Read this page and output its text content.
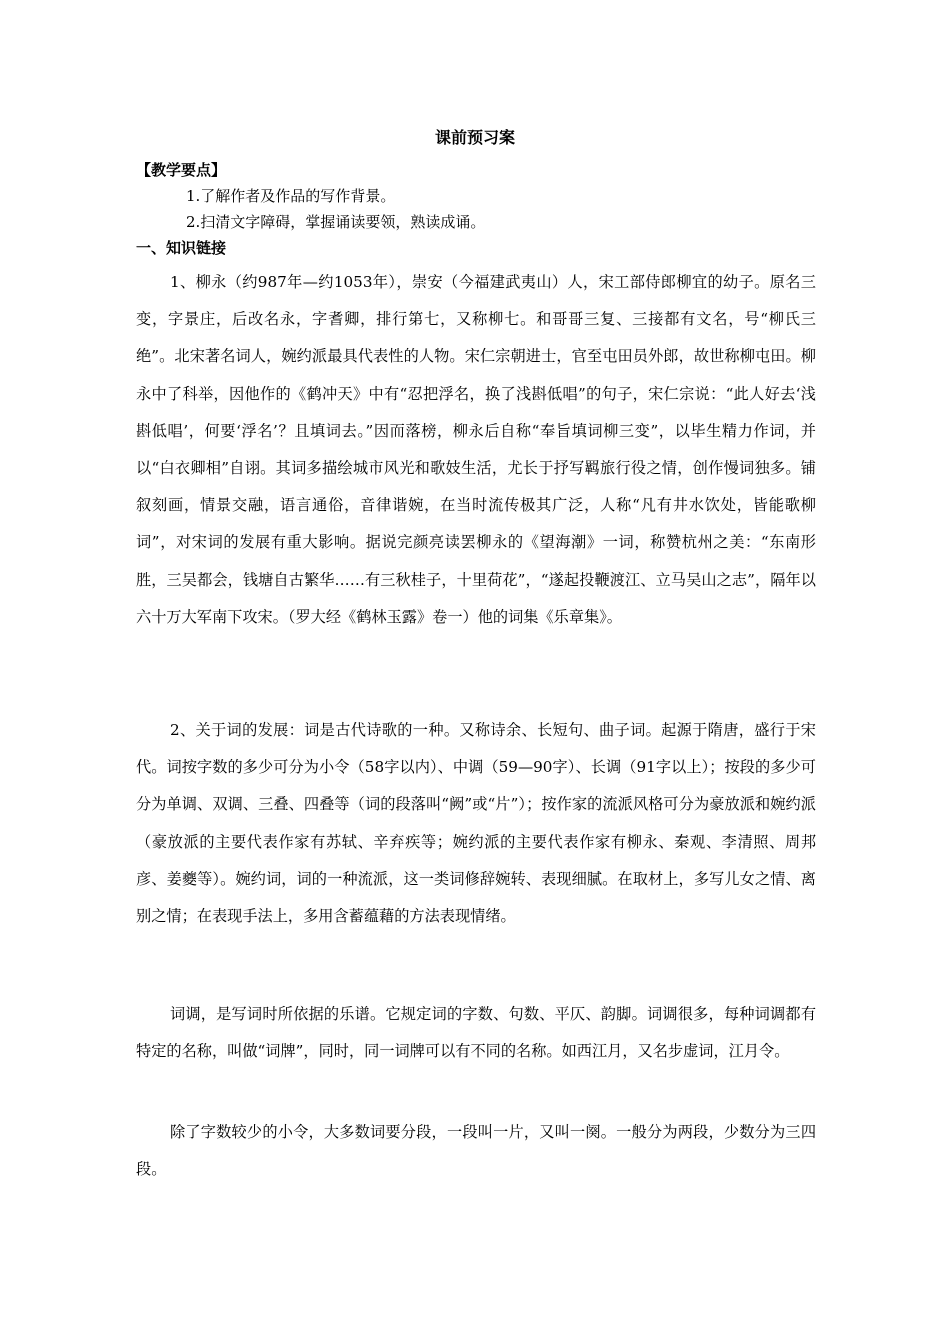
课前预习案
【教学要点】
1.了解作者及作品的写作背景。
2.扫清文字障碍，掌握诵读要领，熟读成诵。
一、知识链接

1、柳永（约987年—约1053年），崇安（今福建武夷山）人，宋工部侍郎柳宜的幼子。原名三变，字景庄，后改名永，字耆卿，排行第七，又称柳七。和哥哥三复、三接都有文名，号“柳氏三绝”。北宋著名词人，婉约派最具代表性的人物。宋仁宗朝进士，官至屯田员外郎，故世称柳屯田。柳永中了科举，因他作的《鹤冲天》中有“忍把浮名，换了浅斟低唱”的句子，宋仁宗说：“此人好去‘浅斟低唱’，何要‘浮名’？且填词去。”因而落榜，柳永后自称“奉旨填词柳三变”，以毕生精力作词，并以“白衣卿相”自诩。其词多描绘城市风光和歌妓生活，尤长于抒写羁旅行役之情，创作慢词独多。铺叙刻画，情景交融，语言通俗，音律谐婉，在当时流传极其广泛，人称“凡有井水饮处，皆能歌柳词”，对宋词的发展有重大影响。据说完颜亮读罢柳永的《望海潮》一词，称赞杭州之美：“东南形胜，三吴都会，钱塘自古繁华……有三秋桂子，十里荷花”，“遂起投鞭渡江、立马吴山之志”，隔年以六十万大军南下攻宋。（罗大经《鹤林玉露》卷一）他的词集《乐章集》。

2、关于词的发展：词是古代诗歌的一种。又称诗余、长短句、曲子词。起源于隋唐，盛行于宋代。词按字数的多少可分为小令（58字以内）、中调（59—90字）、长调（91字以上）；按段的多少可分为单调、双调、三叠、四叠等（词的段落叫“阙”或“片”）；按作家的流派风格可分为豪放派和婉约派（豪放派的主要代表作家有苏轼、辛弃疾等；婉约派的主要代表作家有柳永、秦观、李清照、周邦彦、姜夔等）。婉约词，词的一种流派，这一类词修辞婉转、表现细腻。在取材上，多写儿女之情、离别之情；在表现手法上，多用含蓄蕴藉的方法表现情绪。

词调，是写词时所依据的乐谱。它规定词的字数、句数、平仄、韵脚。词调很多，每种词调都有特定的名称，叫做“词牌”，同时，同一词牌可以有不同的名称。如西江月，又名步虚词，江月令。

除了字数较少的小令，大多数词要分段，一段叫一片，又叫一阕。一般分为两段，少数分为三四段。
